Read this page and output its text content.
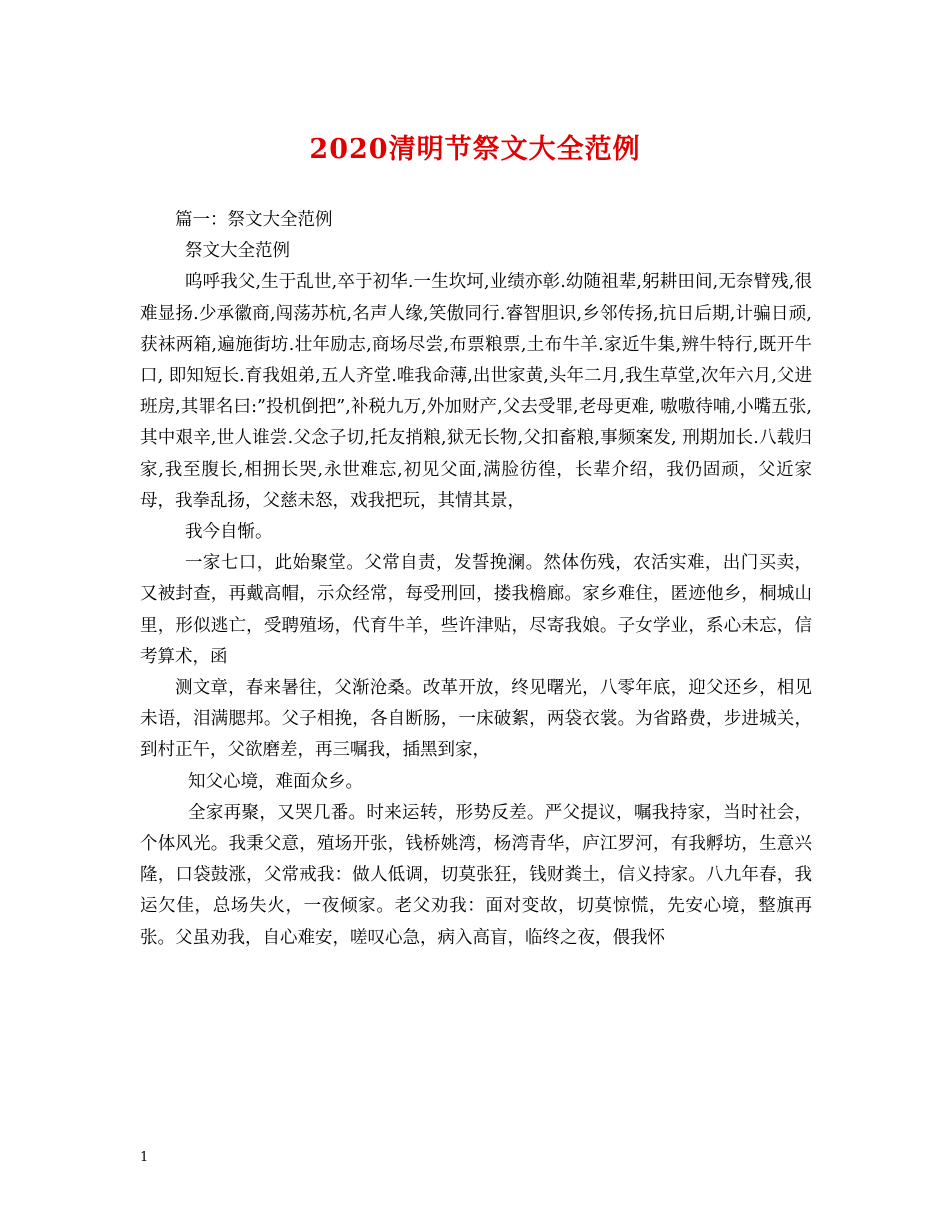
2020清明节祭文大全范例

篇一：祭文大全范例

祭文大全范例

呜呼我父,生于乱世,卒于初华.一生坎坷,业绩亦彰.幼随祖辈,躬耕田间,无奈臂残,很难显扬.少承徽商,闯荡苏杭,名声人缘,笑傲同行.睿智胆识,乡邻传扬,抗日后期,计骗日顽,获袜两箱,遍施街坊.壮年励志,商场尽尝,布票粮票,土布牛羊.家近牛集,辨牛特行,既开牛口, 即知短长.育我姐弟,五人齐堂.唯我命薄,出世家黄,头年二月,我生草堂,次年六月,父进班房,其罪名曰:”投机倒把”,补税九万,外加财产,父去受罪,老母更难, 嗷嗷待哺,小嘴五张,其中艰辛,世人谁尝.父念子切,托友捎粮,狱无长物,父扣畜粮,事频案发, 刑期加长.八载归家,我至腹长,相拥长哭,永世难忘,初见父面,满脸彷徨，长辈介绍，我仍固顽，父近家母，我拳乱扬，父慈未怒，戏我把玩，其情其景，

我今自惭。

一家七口，此始聚堂。父常自责，发誓挽澜。然体伤残，农活实难，出门买卖，又被封查，再戴高帽，示众经常，每受刑回，搂我檐廊。家乡难住，匿迹他乡，桐城山里，形似逃亡，受聘殖场，代育牛羊，些许津贴，尽寄我娘。子女学业，系心未忘，信考算术，函

测文章，春来暑往，父渐沧桑。改革开放，终见曙光，八零年底，迎父还乡，相见未语，泪满腮邦。父子相挽，各自断肠，一床破絮，两袋衣裳。为省路费，步进城关，到村正午，父欲磨差，再三嘱我，插黑到家，

知父心境，难面众乡。

全家再聚，又哭几番。时来运转，形势反差。严父提议，嘱我持家，当时社会，个体风光。我秉父意，殖场开张，钱桥姚湾，杨湾青华，庐江罗河，有我孵坊，生意兴隆，口袋鼓涨，父常戒我：做人低调，切莫张狂，钱财粪土，信义持家。八九年春，我运欠佳，总场失火，一夜倾家。老父劝我：面对变故，切莫惊慌，先安心境，整旗再张。父虽劝我，自心难安，嗟叹心急，病入高盲，临终之夜，偎我怀

1
